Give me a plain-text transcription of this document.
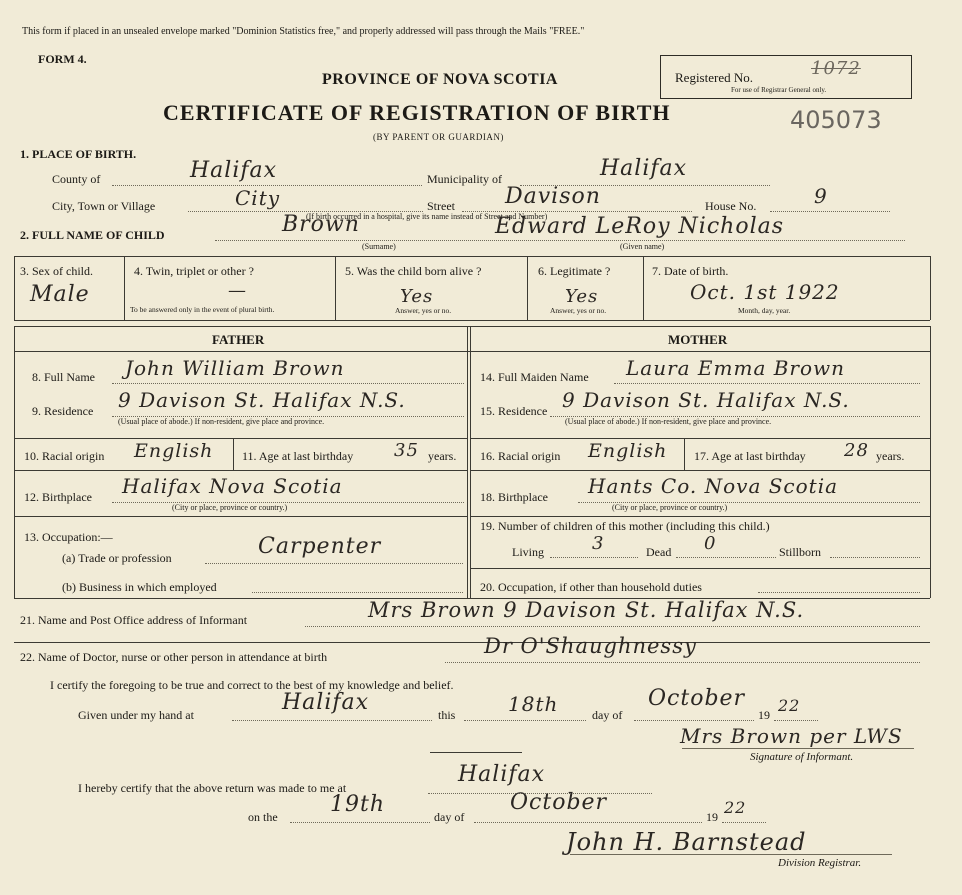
This form if placed in an unsealed envelope marked "Dominion Statistics free," and properly addressed will pass through the Mails "FREE."
FORM 4.
PROVINCE OF NOVA SCOTIA
CERTIFICATE OF REGISTRATION OF BIRTH
(BY PARENT OR GUARDIAN)
Registered No.	1072
For use of Registrar General only.
405073
1. PLACE OF BIRTH.
County of	Halifax	Municipality of	Halifax
City, Town or Village	City	Street Davison	House No.	9
(If birth occurred in a hospital, give its name instead of Street and Number)
2. FULL NAME OF CHILD	Brown
(Surname)
Edward LeRoy Nicholas
(Given name)
3. Sex of child.
Male
4. Twin, triplet or other ?
—
To be answered only in the event of plural birth.
5. Was the child born alive ?
Yes
Answer, yes or no.
6. Legitimate ?
Yes
Answer, yes or no.
7. Date of birth.
Oct. 1st 1922
Month, day, year.
FATHER	MOTHER
8. Full Name John William Brown
9. Residence 9 Davison St. Halifax N.S.
(Usual place of abode.) If non-resident, give place and province.
10. Racial origin English 11. Age at last birthday 35 years.
12. Birthplace Halifax Nova Scotia
(City or place, province or country.)
13. Occupation:—
(a) Trade or profession	Carpenter
(b) Business in which employed
14. Full Maiden Name Laura Emma Brown
15. Residence 9 Davison St. Halifax N.S.
(Usual place of abode.) If non-resident, give place and province.
16. Racial origin English 17. Age at last birthday 28 years.
18. Birthplace Hants Co. Nova Scotia
(City or place, province or country.)
19. Number of children of this mother (including this child.)
Living	3	Dead 0	Stillborn
20. Occupation, if other than household duties
21. Name and Post Office address of Informant	Mrs Brown 9 Davison St. Halifax N.S.
22. Name of Doctor, nurse or other person in attendance at birth	Dr O'Shaughnessy
I certify the foregoing to be true and correct to the best of my knowledge and belief.
Given under my hand at	Halifax	this	18th	day of
October
19 22
Mrs Brown per LWS
Signature of Informant.
I hereby certify that the above return was made to me at
Halifax
on the 19th	day of
October
19 22
John H. Barnstead
Division Registrar.
